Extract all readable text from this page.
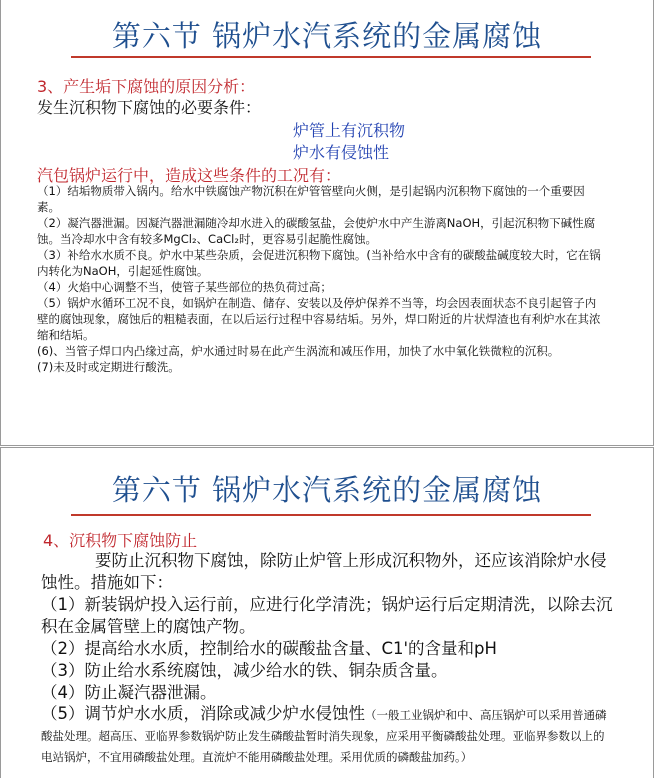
第六节 锅炉水汽系统的金属腐蚀
3、产生垢下腐蚀的原因分析：
发生沉积物下腐蚀的必要条件：
炉管上有沉积物
炉水有侵蚀性
汽包锅炉运行中，造成这些条件的工况有：

（1）结垢物质带入锅内。给水中铁腐蚀产物沉积在炉管管壁向火侧，是引起锅内沉积物下腐蚀的一个重要因素。

（2）凝汽器泄漏。因凝汽器泄漏随冷却水进入的碳酸氢盐，会使炉水中产生游离NaOH，引起沉积物下碱性腐蚀。当冷却水中含有较多MgCl₂、CaCl₂时，更容易引起脆性腐蚀。

（3）补给水水质不良。炉水中某些杂质，会促进沉积物下腐蚀。(当补给水中含有的碳酸盐碱度较大时，它在锅内转化为NaOH，引起延性腐蚀。

（4）火焰中心调整不当，使管子某些部位的热负荷过高；

（5）锅炉水循环工况不良，如锅炉在制造、储存、安装以及停炉保养不当等，均会因表面状态不良引起管子内壁的腐蚀现象，腐蚀后的粗糙表面，在以后运行过程中容易结垢。另外，焊口附近的片状焊渣也有利炉水在其浓缩和结垢。

(6)、当管子焊口内凸缘过高，炉水通过时易在此产生涡流和减压作用，加快了水中氧化铁微粒的沉积。

(7)未及时或定期进行酸洗。

第六节 锅炉水汽系统的金属腐蚀
4、沉积物下腐蚀防止

要防止沉积物下腐蚀，除防止炉管上形成沉积物外，还应该消除炉水侵蚀性。措施如下：

（1）新装锅炉投入运行前，应进行化学清洗；锅炉运行后定期清洗，以除去沉积在金属管壁上的腐蚀产物。

（2）提高给水水质，控制给水的碳酸盐含量、C1'的含量和pH

（3）防止给水系统腐蚀，减少给水的铁、铜杂质含量。

（4）防止凝汽器泄漏。

（5）调节炉水水质，消除或减少炉水侵蚀性（一般工业锅炉和中、高压锅炉可以采用普通磷酸盐处理。超高压、亚临界参数锅炉防止发生磷酸盐暂时消失现象，应采用平衡磷酸盐处理。亚临界参数以上的电站锅炉，不宜用磷酸盐处理。直流炉不能用磷酸盐处理。采用优质的磷酸盐加药。）
